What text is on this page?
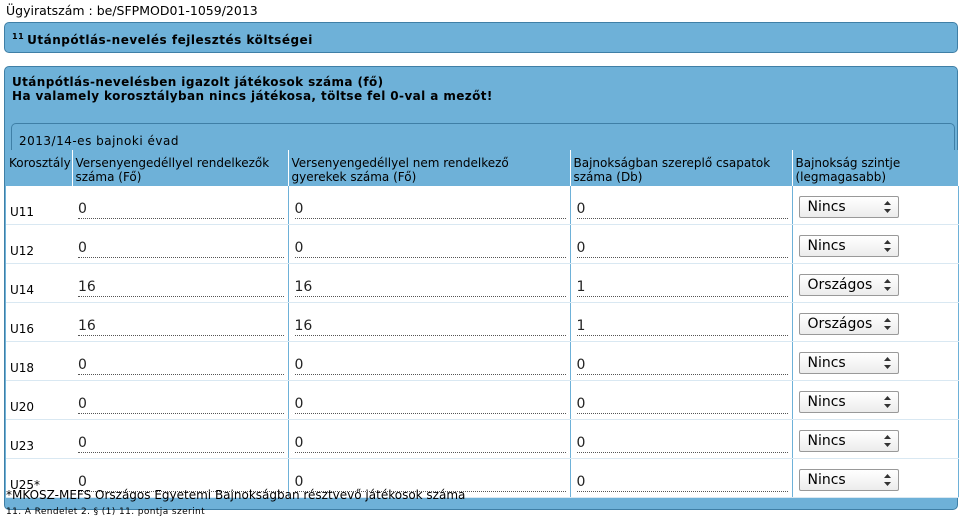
Ügyiratszám : be/SFPMOD01-1059/2013
$^{11}$ Utánpótlás-nevelés fejlesztés költségei
Utánpótlás-nevelésben igazolt játékosok száma (fő)
Ha valamely korosztályban nincs játékosa, töltse fel 0-val a mezőt!
2013/14-es bajnoki évad
Korosztály	Versenyengedéllyel rendelkezők száma (Fő)	Versenyengedéllyel nem rendelkező gyerekek száma (Fő)	Bajnokságban szereplő csapatok száma (Db)	Bajnokság szintje (legmagasabb)
U11	0	0	0	Nincs

U12	0	0	0	Nincs

U14	16	16	1	Országos

U16	16	16	1	Országos

U18	0	0	0	Nincs

U20	0	0	0	Nincs

U23	0	0	0	Nincs

U25*	0	0	0	Nincs
*MKOSZ-MEFS Országos Egyetemi Bajnokságban résztvevő játékosok száma
11. A Rendelet 2. § (1) 11. pontja szerint
